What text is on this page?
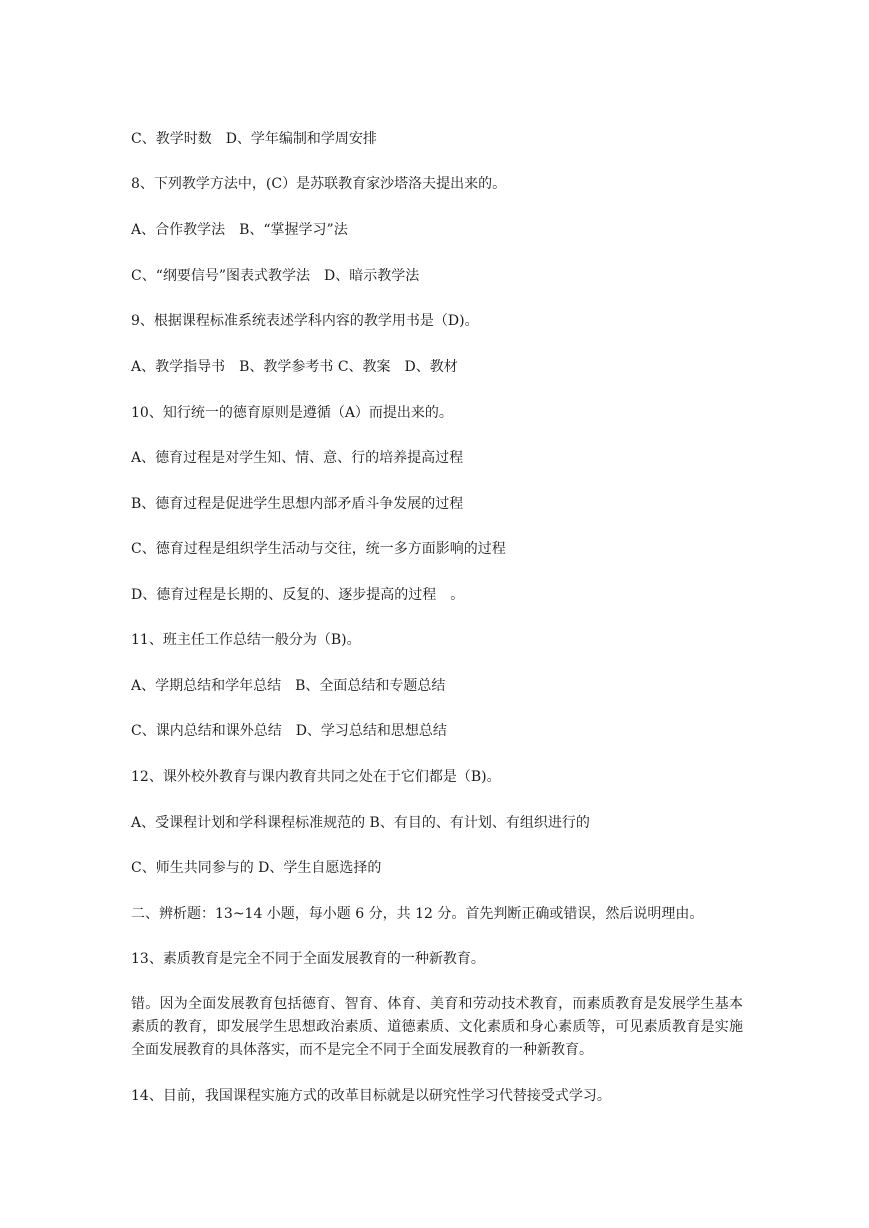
C、教学时数　D、学年编制和学周安排
8、下列教学方法中，(C）是苏联教育家沙塔洛夫提出来的。
A、合作教学法　B、“掌握学习”法
C、“纲要信号”图表式教学法　D、暗示教学法
9、根据课程标准系统表述学科内容的教学用书是（D)。
A、教学指导书　B、教学参考书 C、教案　D、教材
10、知行统一的德育原则是遵循（A）而提出来的。
A、德育过程是对学生知、情、意、行的培养提高过程
B、德育过程是促进学生思想内部矛盾斗争发展的过程
C、德育过程是组织学生活动与交往，统一多方面影响的过程
D、德育过程是长期的、反复的、逐步提高的过程　。
11、班主任工作总结一般分为（B)。
A、学期总结和学年总结　B、全面总结和专题总结
C、课内总结和课外总结　D、学习总结和思想总结
12、课外校外教育与课内教育共同之处在于它们都是（B)。
A、受课程计划和学科课程标准规范的 B、有目的、有计划、有组织进行的
C、师生共同参与的 D、学生自愿选择的
二、辨析题：13~14 小题，每小题 6 分，共 12 分。首先判断正确或错误，然后说明理由。
13、素质教育是完全不同于全面发展教育的一种新教育。
错。因为全面发展教育包括德育、智育、体育、美育和劳动技术教育，而素质教育是发展学生基本素质的教育，即发展学生思想政治素质、道德素质、文化素质和身心素质等，可见素质教育是实施全面发展教育的具体落实，而不是完全不同于全面发展教育的一种新教育。
14、目前，我国课程实施方式的改革目标就是以研究性学习代替接受式学习。
